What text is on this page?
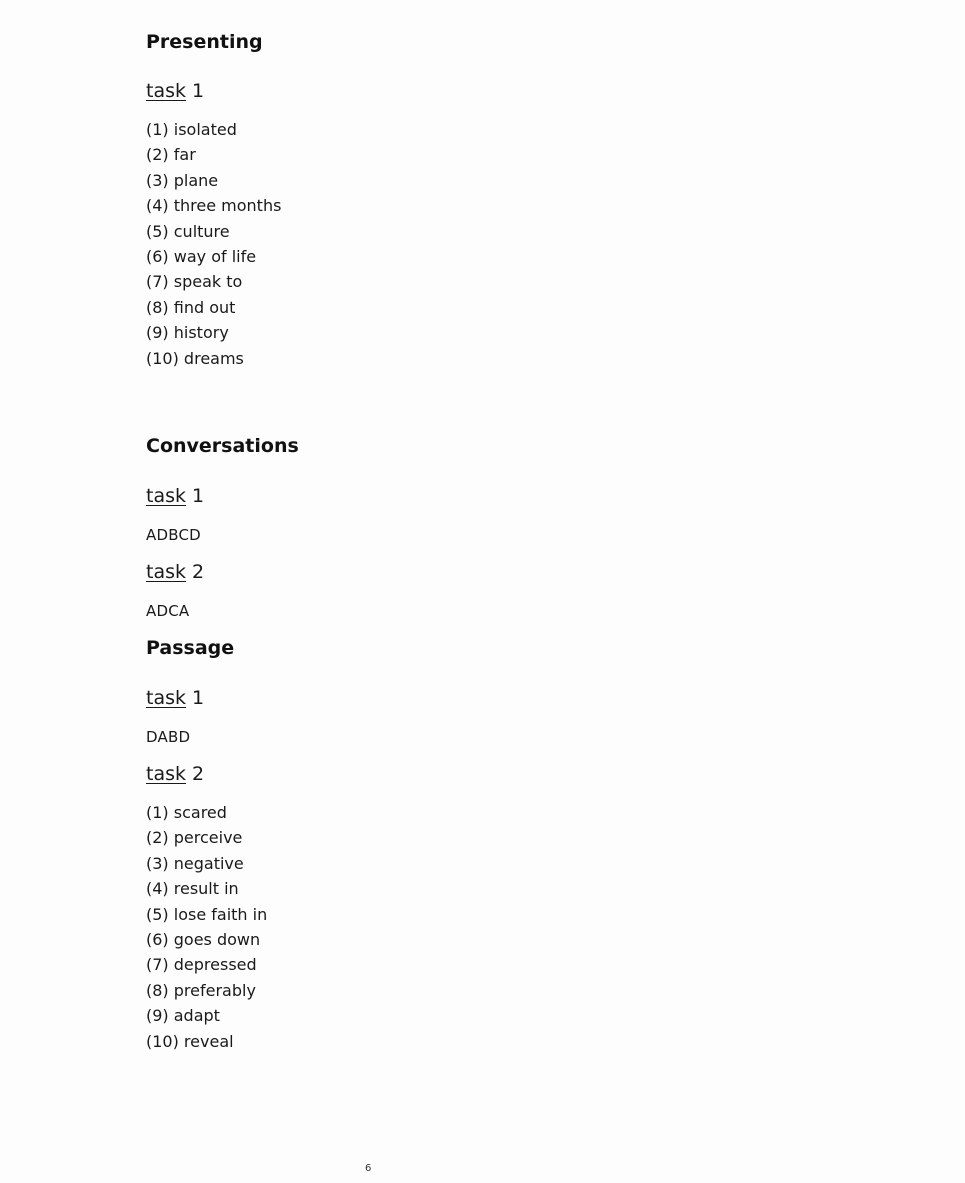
Presenting
task 1
(1) isolated
(2) far
(3) plane
(4) three months
(5) culture
(6) way of life
(7) speak to
(8) find out
(9) history
(10) dreams
Conversations
task 1
ADBCD
task 2
ADCA
Passage
task 1
DABD
task 2
(1) scared
(2) perceive
(3) negative
(4) result in
(5) lose faith in
(6) goes down
(7) depressed
(8) preferably
(9) adapt
(10) reveal
6
